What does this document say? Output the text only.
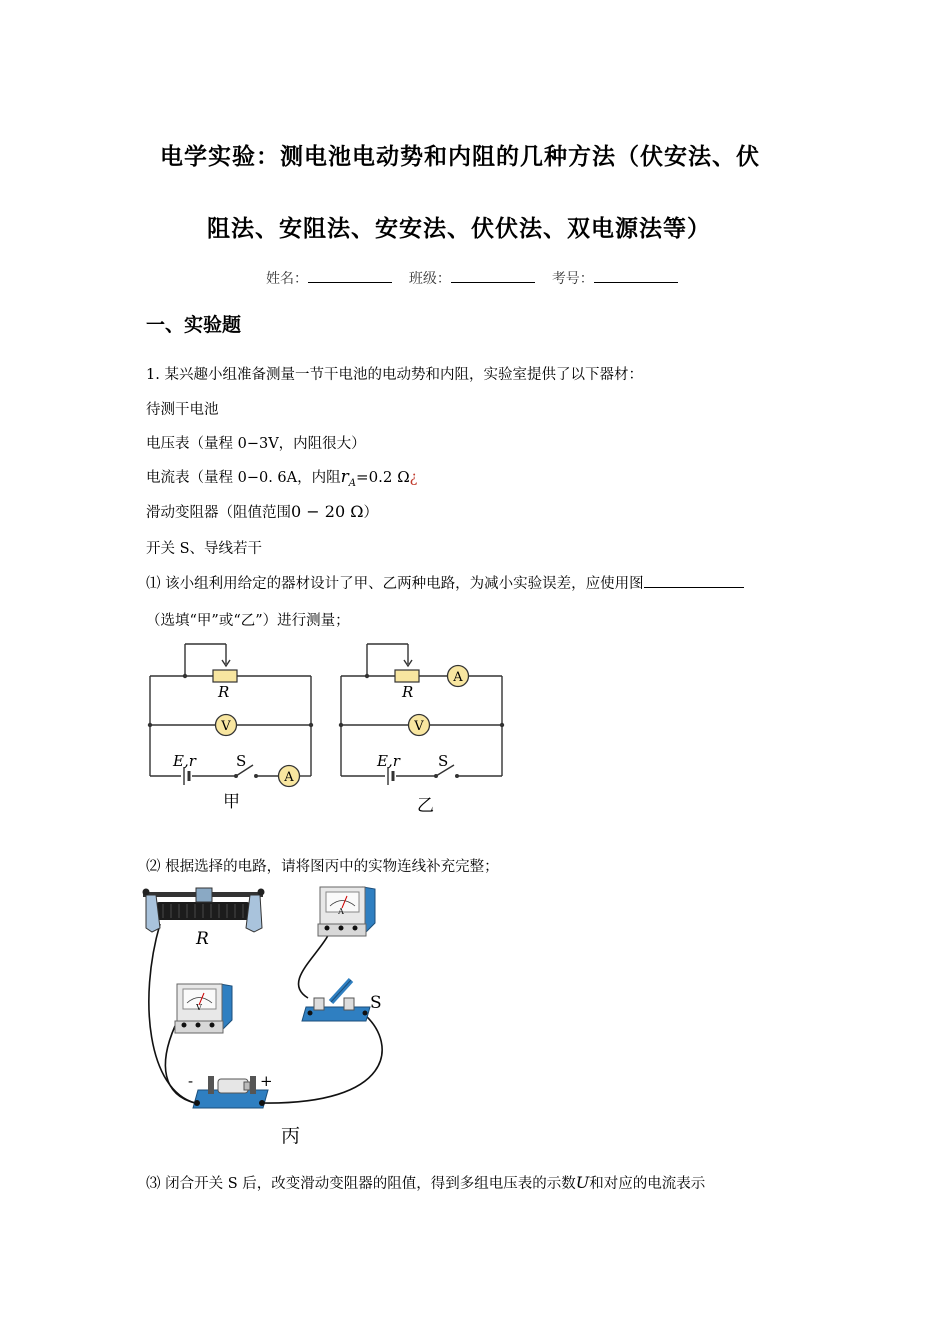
电学实验：测电池电动势和内阻的几种方法（伏安法、伏
阻法、安阻法、安安法、伏伏法、双电源法等）
姓名：	班级：	考号：
一、实验题
1. 某兴趣小组准备测量一节干电池的电动势和内阻，实验室提供了以下器材：
待测干电池
电压表（量程 0−3V，内阻很大）
电流表（量程 0−0. 6A，内阻$r_A=0.2$ Ω¿
滑动变阻器（阻值范围0 − 20 Ω）
开关 S、导线若干
⑴ 该小组利用给定的器材设计了甲、乙两种电路，为减小实验误差，应使用图
（选填“甲”或“乙”）进行测量；
V
A
R
E,r	S
甲
A
V
R
E,r	S
乙
⑵ 根据选择的电路，请将图丙中的实物连线补充完整；
R
A
S
V
-	+
丙
⑶ 闭合开关 S 后，改变滑动变阻器的阻值，得到多组电压表的示数U和对应的电流表示
